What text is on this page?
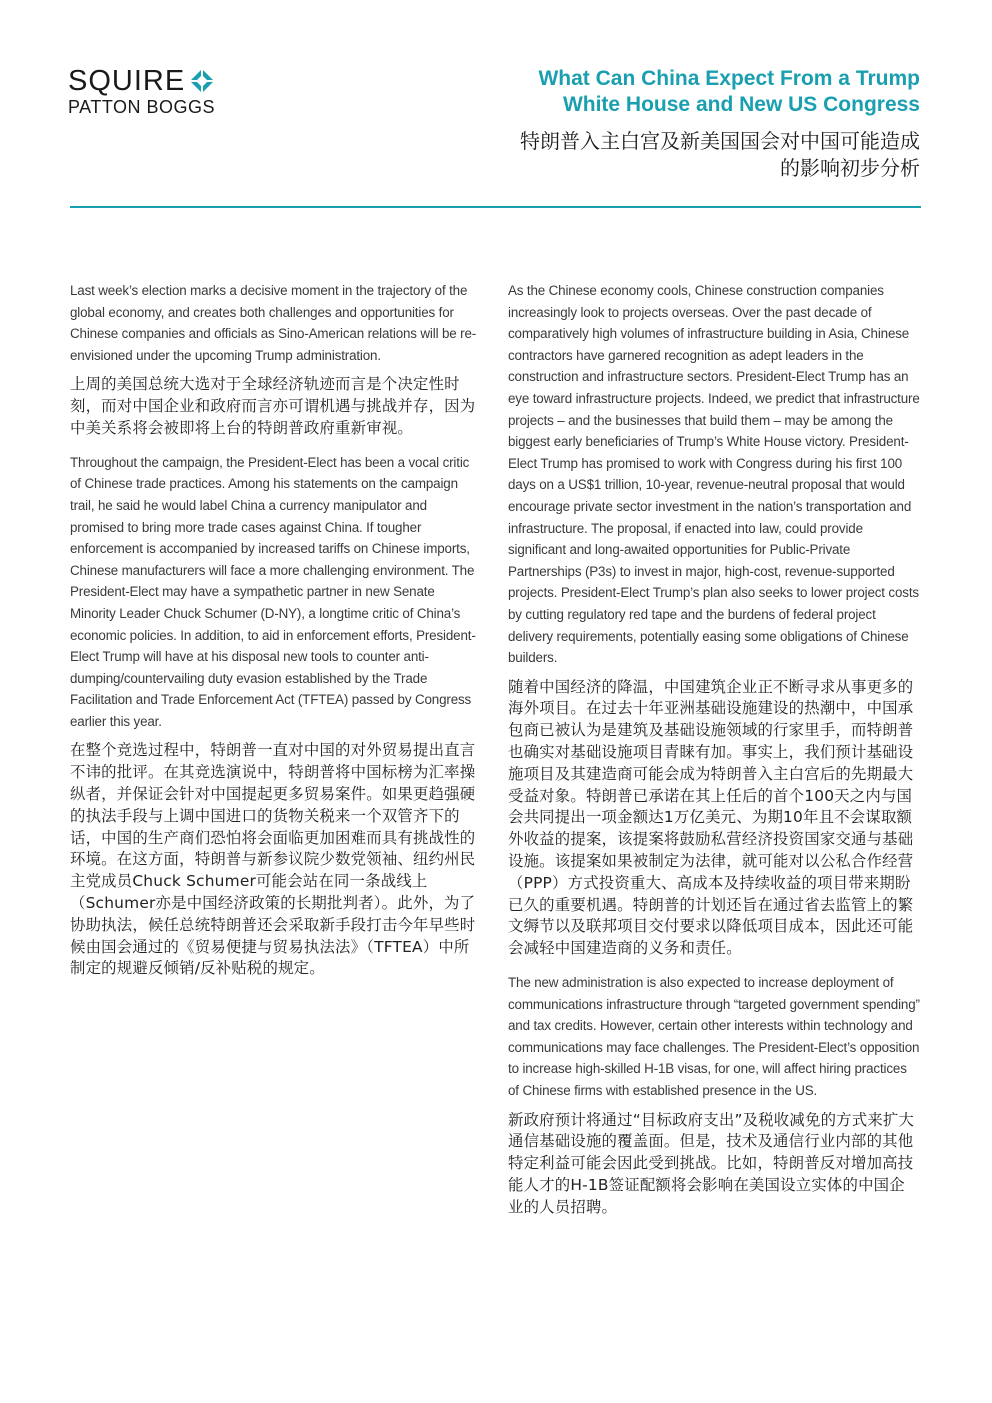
SQUIRE
PATTON BOGGS
What Can China Expect From a Trump
White House and New US Congress
特朗普入主白宫及新美国国会对中国可能造成
的影响初步分析

Last week’s election marks a decisive moment in the trajectory of the global economy, and creates both challenges and opportunities for Chinese companies and officials as Sino-American relations will be re-envisioned under the upcoming Trump administration.

上周的美国总统大选对于全球经济轨迹而言是个决定性时刻，而对中国企业和政府而言亦可谓机遇与挑战并存，因为中美关系将会被即将上台的特朗普政府重新审视。

Throughout the campaign, the President-Elect has been a vocal critic of Chinese trade practices. Among his statements on the campaign trail, he said he would label China a currency manipulator and promised to bring more trade cases against China. If tougher enforcement is accompanied by increased tariffs on Chinese imports, Chinese manufacturers will face a more challenging environment. The President-Elect may have a sympathetic partner in new Senate Minority Leader Chuck Schumer (D-NY), a longtime critic of China’s economic policies. In addition, to aid in enforcement efforts, President-Elect Trump will have at his disposal new tools to counter anti-dumping/countervailing duty evasion established by the Trade Facilitation and Trade Enforcement Act (TFTEA) passed by Congress earlier this year.

在整个竞选过程中，特朗普一直对中国的对外贸易提出直言不讳的批评。在其竞选演说中，特朗普将中国标榜为汇率操纵者，并保证会针对中国提起更多贸易案件。如果更趋强硬的执法手段与上调中国进口的货物关税来一个双管齐下的话，中国的生产商们恐怕将会面临更加困难而具有挑战性的环境。在这方面，特朗普与新参议院少数党领袖、纽约州民主党成员Chuck Schumer可能会站在同一条战线上（Schumer亦是中国经济政策的长期批判者）。此外，为了协助执法，候任总统特朗普还会采取新手段打击今年早些时候由国会通过的《贸易便捷与贸易执法法》（TFTEA）中所制定的规避反倾销/反补贴税的规定。

As the Chinese economy cools, Chinese construction companies increasingly look to projects overseas. Over the past decade of comparatively high volumes of infrastructure building in Asia, Chinese contractors have garnered recognition as adept leaders in the construction and infrastructure sectors. President-Elect Trump has an eye toward infrastructure projects. Indeed, we predict that infrastructure projects – and the businesses that build them – may be among the biggest early beneficiaries of Trump’s White House victory. President-Elect Trump has promised to work with Congress during his first 100 days on a US$1 trillion, 10-year, revenue-neutral proposal that would encourage private sector investment in the nation’s transportation and infrastructure. The proposal, if enacted into law, could provide significant and long-awaited opportunities for Public-Private Partnerships (P3s) to invest in major, high-cost, revenue-supported projects. President-Elect Trump’s plan also seeks to lower project costs by cutting regulatory red tape and the burdens of federal project delivery requirements, potentially easing some obligations of Chinese builders.

随着中国经济的降温，中国建筑企业正不断寻求从事更多的海外项目。在过去十年亚洲基础设施建设的热潮中，中国承包商已被认为是建筑及基础设施领域的行家里手，而特朗普也确实对基础设施项目青睐有加。事实上，我们预计基础设施项目及其建造商可能会成为特朗普入主白宫后的先期最大受益对象。特朗普已承诺在其上任后的首个100天之内与国会共同提出一项金额达1万亿美元、为期10年且不会谋取额外收益的提案，该提案将鼓励私营经济投资国家交通与基础设施。该提案如果被制定为法律，就可能对以公私合作经营（PPP）方式投资重大、高成本及持续收益的项目带来期盼已久的重要机遇。特朗普的计划还旨在通过省去监管上的繁文缛节以及联邦项目交付要求以降低项目成本，因此还可能会减轻中国建造商的义务和责任。

The new administration is also expected to increase deployment of communications infrastructure through “targeted government spending” and tax credits. However, certain other interests within technology and communications may face challenges. The President-Elect’s opposition to increase high-skilled H-1B visas, for one, will affect hiring practices of Chinese firms with established presence in the US.

新政府预计将通过“目标政府支出”及税收减免的方式来扩大通信基础设施的覆盖面。但是，技术及通信行业内部的其他特定利益可能会因此受到挑战。比如，特朗普反对增加高技能人才的H-1B签证配额将会影响在美国设立实体的中国企业的人员招聘。
